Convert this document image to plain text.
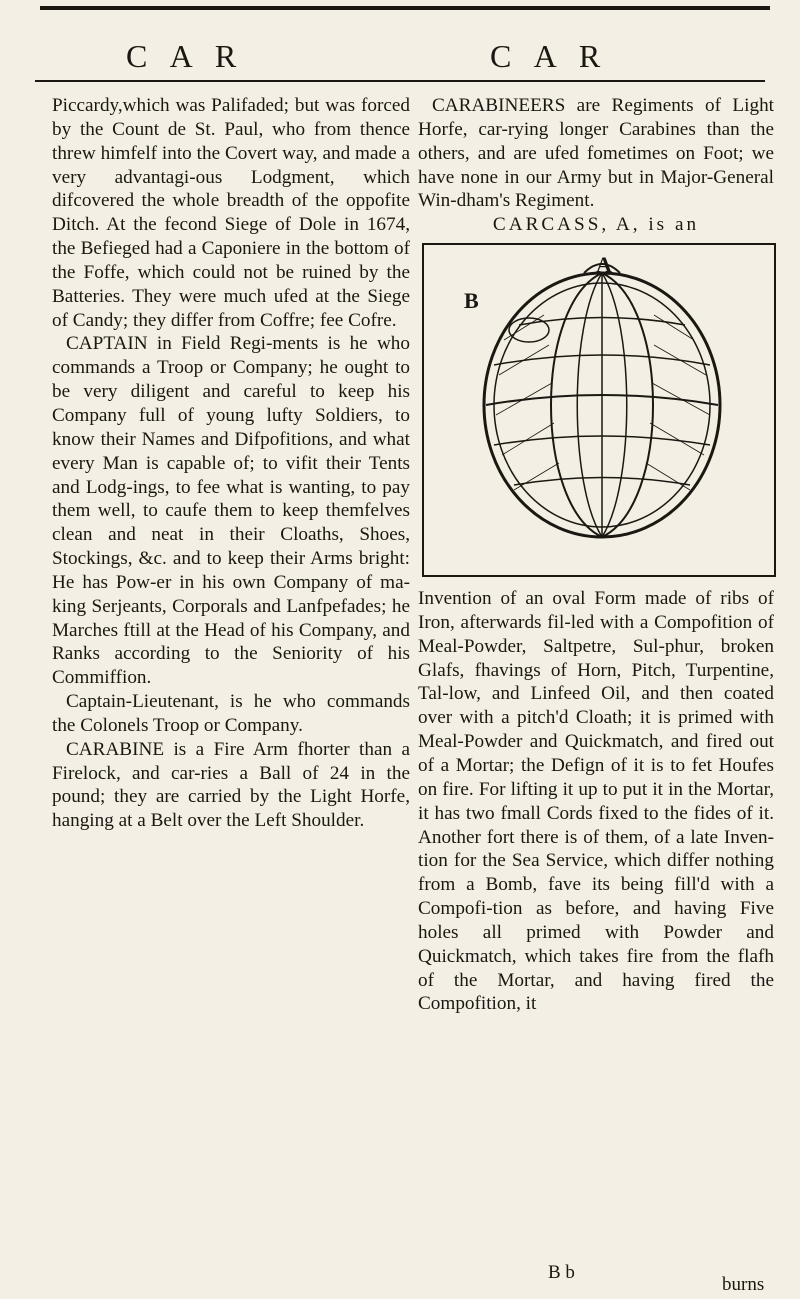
C A R	C A R

Piccardy,which was Palifaded; but was forced by the Count de St. Paul, who from thence threw himfelf into the Covert way, and made a very advantagi-ous Lodgment, which difcovered the whole breadth of the oppofite Ditch. At the fecond Siege of Dole in 1674, the Befieged had a Caponiere in the bottom of the Foffe, which could not be ruined by the Batteries. They were much ufed at the Siege of Candy; they differ from Coffre; fee Cofre.

CAPTAIN in Field Regi-ments is he who commands a Troop or Company; he ought to be very diligent and careful to keep his Company full of young lufty Soldiers, to know their Names and Difpofitions, and what every Man is capable of; to vifit their Tents and Lodg-ings, to fee what is wanting, to pay them well, to caufe them to keep themfelves clean and neat in their Cloaths, Shoes, Stockings, &c. and to keep their Arms bright: He has Pow-er in his own Company of ma-king Serjeants, Corporals and Lanfpefades; he Marches ftill at the Head of his Company, and Ranks according to the Seniority of his Commiffion.

Captain-Lieutenant, is he who commands the Colonels Troop or Company.

CARABINE is a Fire Arm fhorter than a Firelock, and car-ries a Ball of 24 in the pound; they are carried by the Light Horfe, hanging at a Belt over the Left Shoulder.

CARABINEERS are Regiments of Light Horfe, car-rying longer Carabines than the others, and are ufed fometimes on Foot; we have none in our Army but in Major-General Win-dham's Regiment.

CARCASS, A, is an

A
B

Invention of an oval Form made of ribs of Iron, afterwards fil-led with a Compofition of Meal-Powder, Saltpetre, Sul-phur, broken Glafs, fhavings of Horn, Pitch, Turpentine, Tal-low, and Linfeed Oil, and then coated over with a pitch'd Cloath; it is primed with Meal-Powder and Quickmatch, and fired out of a Mortar; the Defign of it is to fet Houfes on fire. For lifting it up to put it in the Mortar, it has two fmall Cords fixed to the fides of it. Another fort there is of them, of a late Inven-tion for the Sea Service, which differ nothing from a Bomb, fave its being fill'd with a Compofi-tion as before, and having Five holes all primed with Powder and Quickmatch, which takes fire from the flafh of the Mortar, and having fired the Compofition, it

B b
burns
